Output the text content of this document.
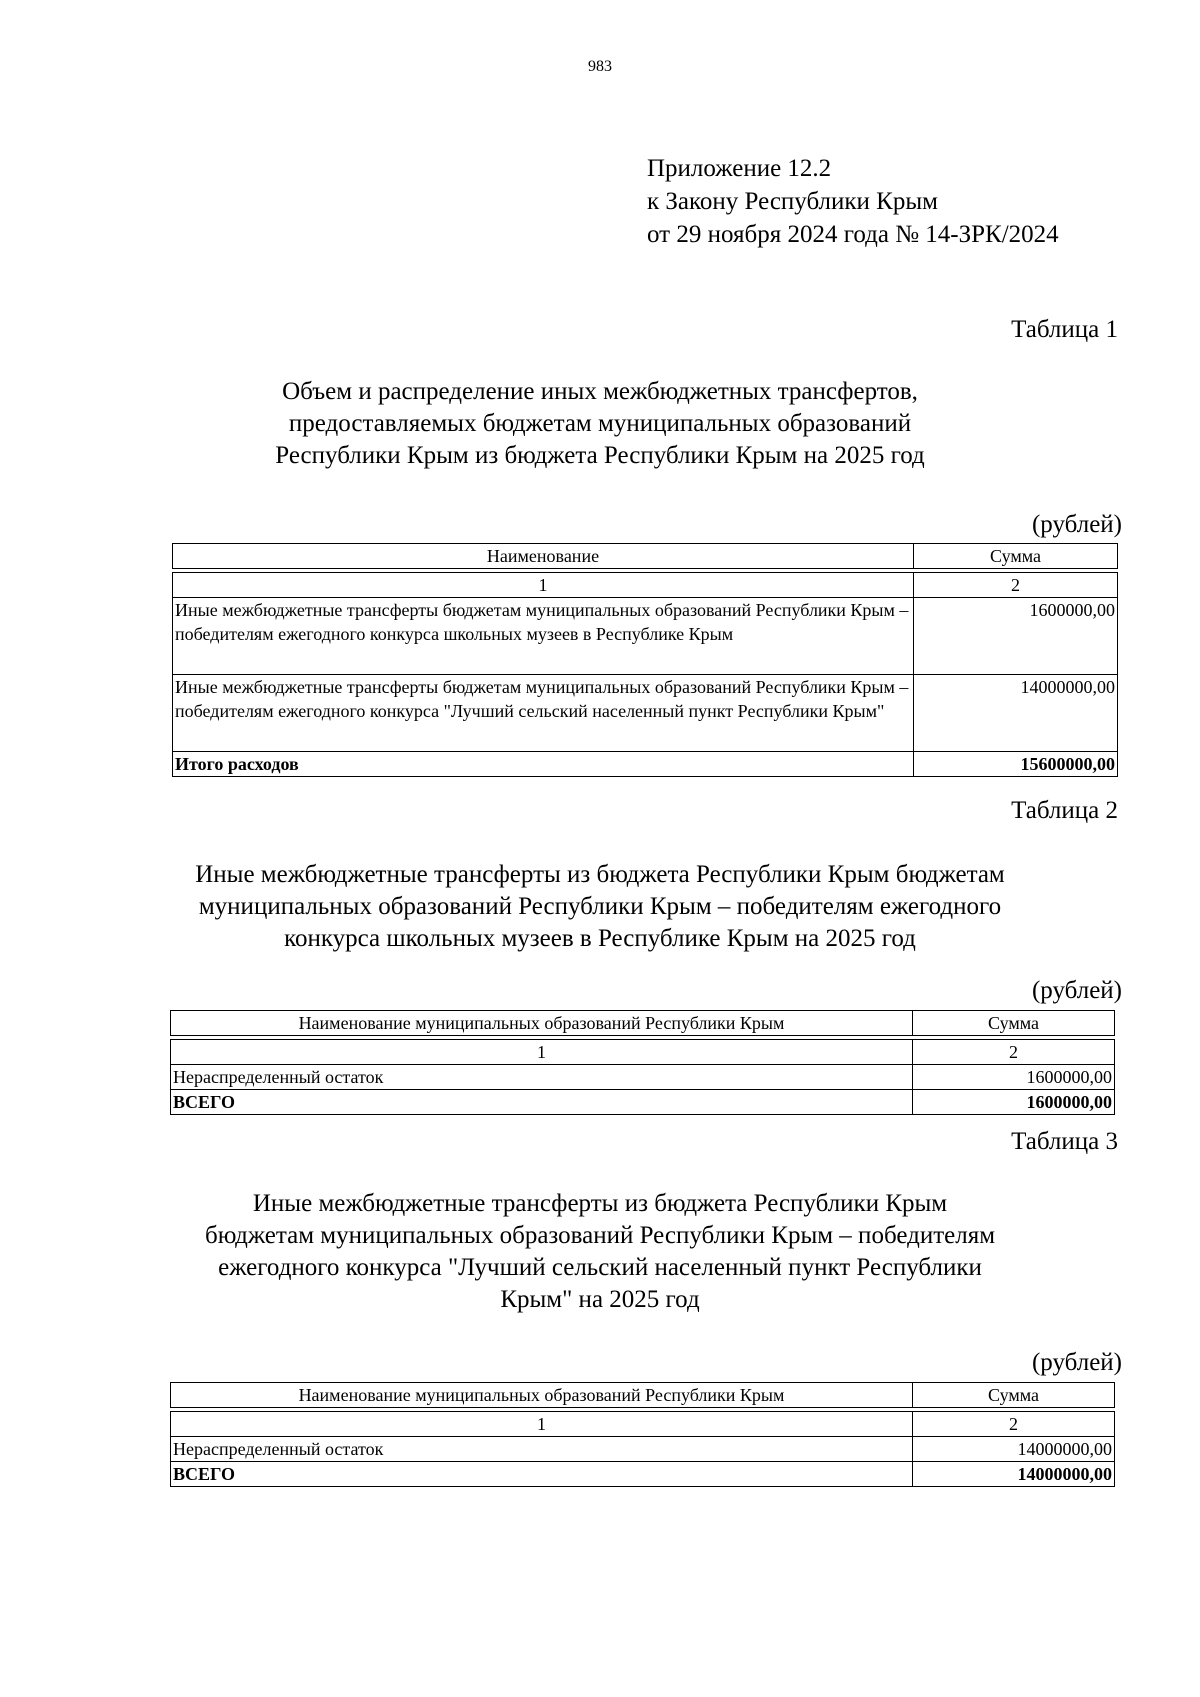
983
Приложение 12.2
к Закону Республики Крым
от 29 ноября 2024 года № 14-ЗРК/2024
Таблица 1
Объем и распределение иных межбюджетных трансфертов,
предоставляемых бюджетам муниципальных образований
Республики Крым из бюджета Республики Крым на 2025 год
(рублей)
Наименование	Сумма

1	2
Иные межбюджетные трансферты бюджетам муниципальных образований Республики Крым – победителям ежегодного конкурса школьных музеев в Республике Крым	1600000,00
Иные межбюджетные трансферты бюджетам муниципальных образований Республики Крым – победителям ежегодного конкурса "Лучший сельский населенный пункт Республики Крым"	14000000,00
Итого расходов	15600000,00
Таблица 2
Иные межбюджетные трансферты из бюджета Республики Крым бюджетам
муниципальных образований Республики Крым – победителям ежегодного
конкурса школьных музеев в Республике Крым на 2025 год
(рублей)
Наименование муниципальных образований Республики Крым	Сумма

1	2
Нераспределенный остаток	1600000,00
ВСЕГО	1600000,00
Таблица 3
Иные межбюджетные трансферты из бюджета Республики Крым
бюджетам муниципальных образований Республики Крым – победителям
ежегодного конкурса "Лучший сельский населенный пункт Республики
Крым" на 2025 год
(рублей)
Наименование муниципальных образований Республики Крым	Сумма

1	2
Нераспределенный остаток	14000000,00
ВСЕГО	14000000,00
